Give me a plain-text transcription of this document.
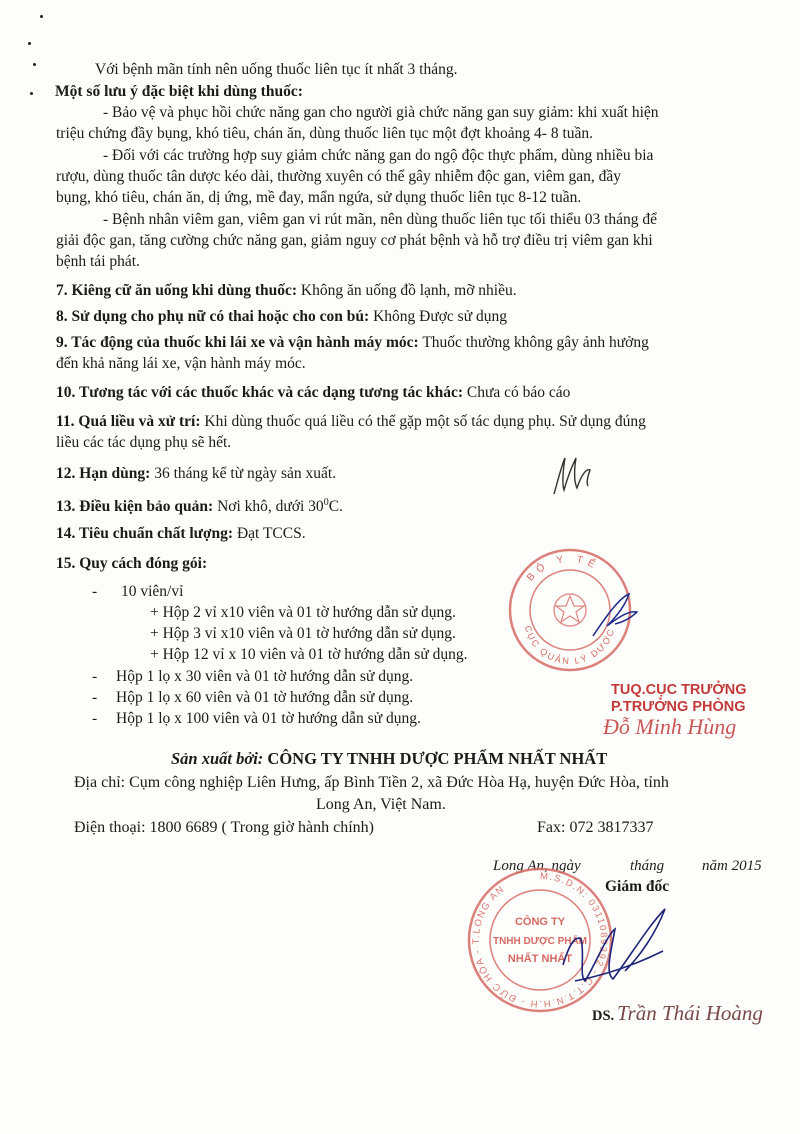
Với bệnh mãn tính nên uống thuốc liên tục ít nhất 3 tháng.
Một số lưu ý đặc biệt khi dùng thuốc:
- Bảo vệ và phục hồi chức năng gan cho người già chức năng gan suy giảm: khi xuất hiện
triệu chứng đầy bụng, khó tiêu, chán ăn, dùng thuốc liên tục một đợt khoảng 4- 8 tuần.
- Đối với các trường hợp suy giảm chức năng gan do ngộ độc thực phẩm, dùng nhiều bia
rượu, dùng thuốc tân dược kéo dài, thường xuyên có thể gây nhiễm độc gan, viêm gan, đầy
bụng, khó tiêu, chán ăn, dị ứng, mề đay, mẩn ngứa, sử dụng thuốc liên tục 8-12 tuần.
- Bệnh nhân viêm gan, viêm gan vi rút mãn, nên dùng thuốc liên tục tối thiểu 03 tháng để
giải độc gan, tăng cường chức năng gan, giảm nguy cơ phát bệnh và hỗ trợ điều trị viêm gan khi
bệnh tái phát.
7. Kiêng cữ ăn uống khi dùng thuốc: Không ăn uống đồ lạnh, mỡ nhiều.
8. Sử dụng cho phụ nữ có thai hoặc cho con bú: Không Được sử dụng
9. Tác động của thuốc khi lái xe và vận hành máy móc: Thuốc thường không gây ảnh hưởng
đến khả năng lái xe, vận hành máy móc.
10. Tương tác với các thuốc khác và các dạng tương tác khác: Chưa có báo cáo
11. Quá liều và xử trí: Khi dùng thuốc quá liều có thể gặp một số tác dụng phụ. Sử dụng đúng
liều các tác dụng phụ sẽ hết.
12. Hạn dùng: 36 tháng kể từ ngày sản xuất.
13. Điều kiện bảo quản: Nơi khô, dưới $30^0C$.
14. Tiêu chuẩn chất lượng: Đạt TCCS.
15. Quy cách đóng gói:
- 10 viên/vỉ
+ Hộp 2 vỉ x10 viên và 01 tờ hướng dẫn sử dụng.
+ Hộp 3 vỉ x10 viên và 01 tờ hướng dẫn sử dụng.
+ Hộp 12 vỉ x 10 viên và 01 tờ hướng dẫn sử dụng.
- Hộp 1 lọ x 30 viên và 01 tờ hướng dẫn sử dụng.
- Hộp 1 lọ x 60 viên và 01 tờ hướng dẫn sử dụng.
- Hộp 1 lọ x 100 viên và 01 tờ hướng dẫn sử dụng.
Sản xuất bởi: CÔNG TY TNHH DƯỢC PHẨM NHẤT NHẤT
Địa chỉ: Cụm công nghiệp Liên Hưng, ấp Bình Tiền 2, xã Đức Hòa Hạ, huyện Đức Hòa, tỉnh
Long An, Việt Nam.
Điện thoại: 1800 6689 ( Trong giờ hành chính)	Fax: 072 3817337
BỘ Y TẾ
CỤC QUẢN LÝ DƯỢC
TUQ.CỤC TRƯỞNG
P.TRƯỞNG PHÒNG
Đỗ Minh Hùng
Long An, ngày	tháng	năm 2015
Giám đốc
M.S.D.N: 0311089392 - C.T.T.N.H.H - ĐỨC HÒA - T.LONG AN
CÔNG TY
TNHH DƯỢC PHẨM
NHẤT NHẤT
DS. Trần Thái Hoàng
